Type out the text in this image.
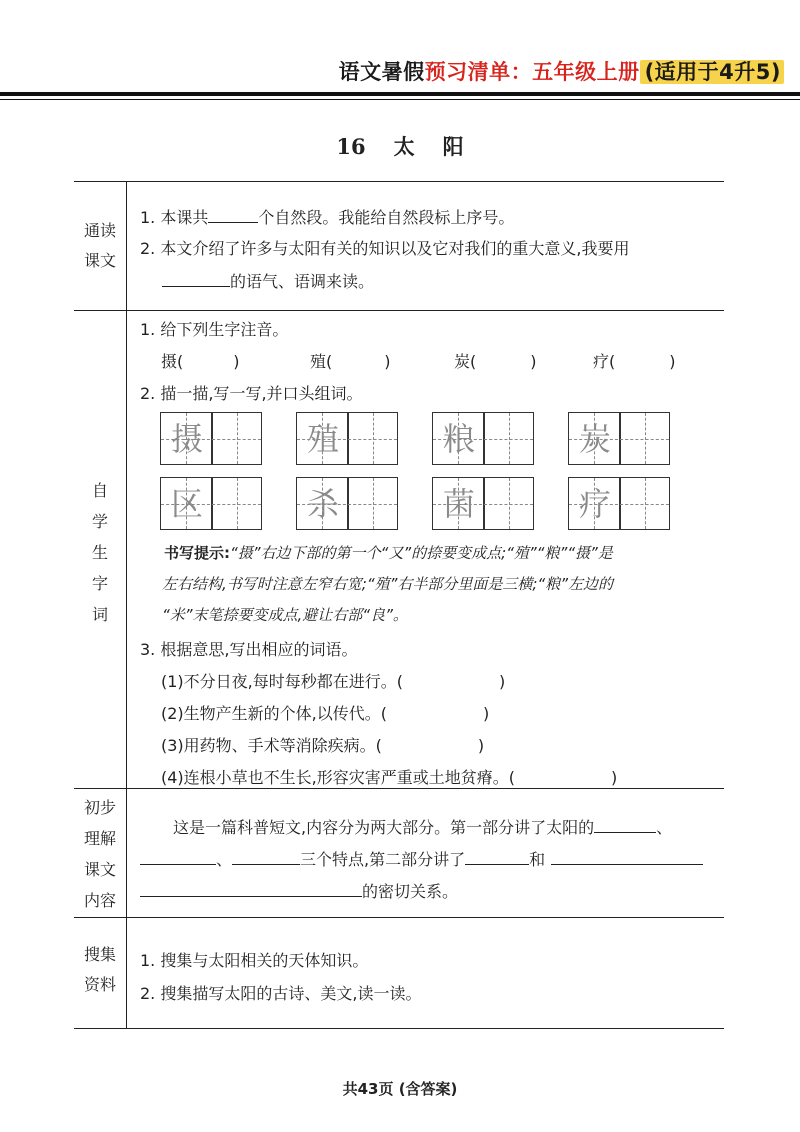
语文暑假预习清单：五年级上册 (适用于4升5)
16 太 阳
通读
课文
1. 本课共	个自然段。我能给自然段标上序号。
2. 本文介绍了许多与太阳有关的知识以及它对我们的重大意义,我要用
的语气、语调来读。
自
学
生
字
词
1. 给下列生字注音。
摄(	)	殖(	)	炭(	)	疗(	)
2. 描一描,写一写,并口头组词。
摄	殖	粮	炭
区	杀	菌	疗
书写提示:“摄”右边下部的第一个“又”的捺要变成点;“殖”“粮”“摄”是
左右结构,书写时注意左窄右宽;“殖”右半部分里面是三横;“粮”左边的
“米”末笔捺要变成点,避让右部“良”。
3. 根据意思,写出相应的词语。
(1)不分日夜,每时每秒都在进行。(	)
(2)生物产生新的个体,以传代。(	)
(3)用药物、手术等消除疾病。(	)
(4)连根小草也不生长,形容灾害严重或土地贫瘠。(	)
初步
理解
课文
内容
这是一篇科普短文,内容分为两大部分。第一部分讲了太阳的	、
、	三个特点,第二部分讲了	和
的密切关系。
搜集
资料
1. 搜集与太阳相关的天体知识。
2. 搜集描写太阳的古诗、美文,读一读。
共43页 (含答案)
